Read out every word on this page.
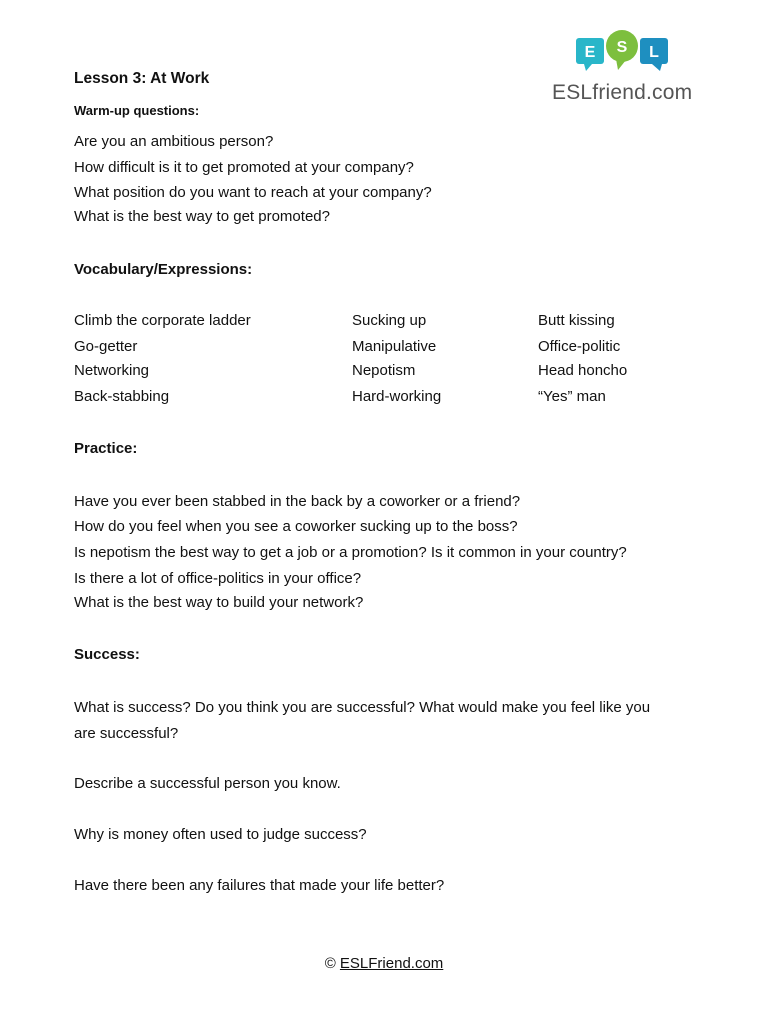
E S L
ESLfriend.com
Lesson 3: At Work
Warm-up questions:
Are you an ambitious person?
How difficult is it to get promoted at your company?
What position do you want to reach at your company?
What is the best way to get promoted?
Vocabulary/Expressions:
Climb the corporate ladder
Go-getter
Networking
Back-stabbing
Sucking up
Manipulative
Nepotism
Hard-working
Butt kissing
Office-politic
Head honcho
“Yes” man
Practice:
Have you ever been stabbed in the back by a coworker or a friend?
How do you feel when you see a coworker sucking up to the boss?
Is nepotism the best way to get a job or a promotion? Is it common in your country?
Is there a lot of office-politics in your office?
What is the best way to build your network?
Success:
What is success? Do you think you are successful? What would make you feel like you
are successful?
Describe a successful person you know.
Why is money often used to judge success?
Have there been any failures that made your life better?
© ESLFriend.com
